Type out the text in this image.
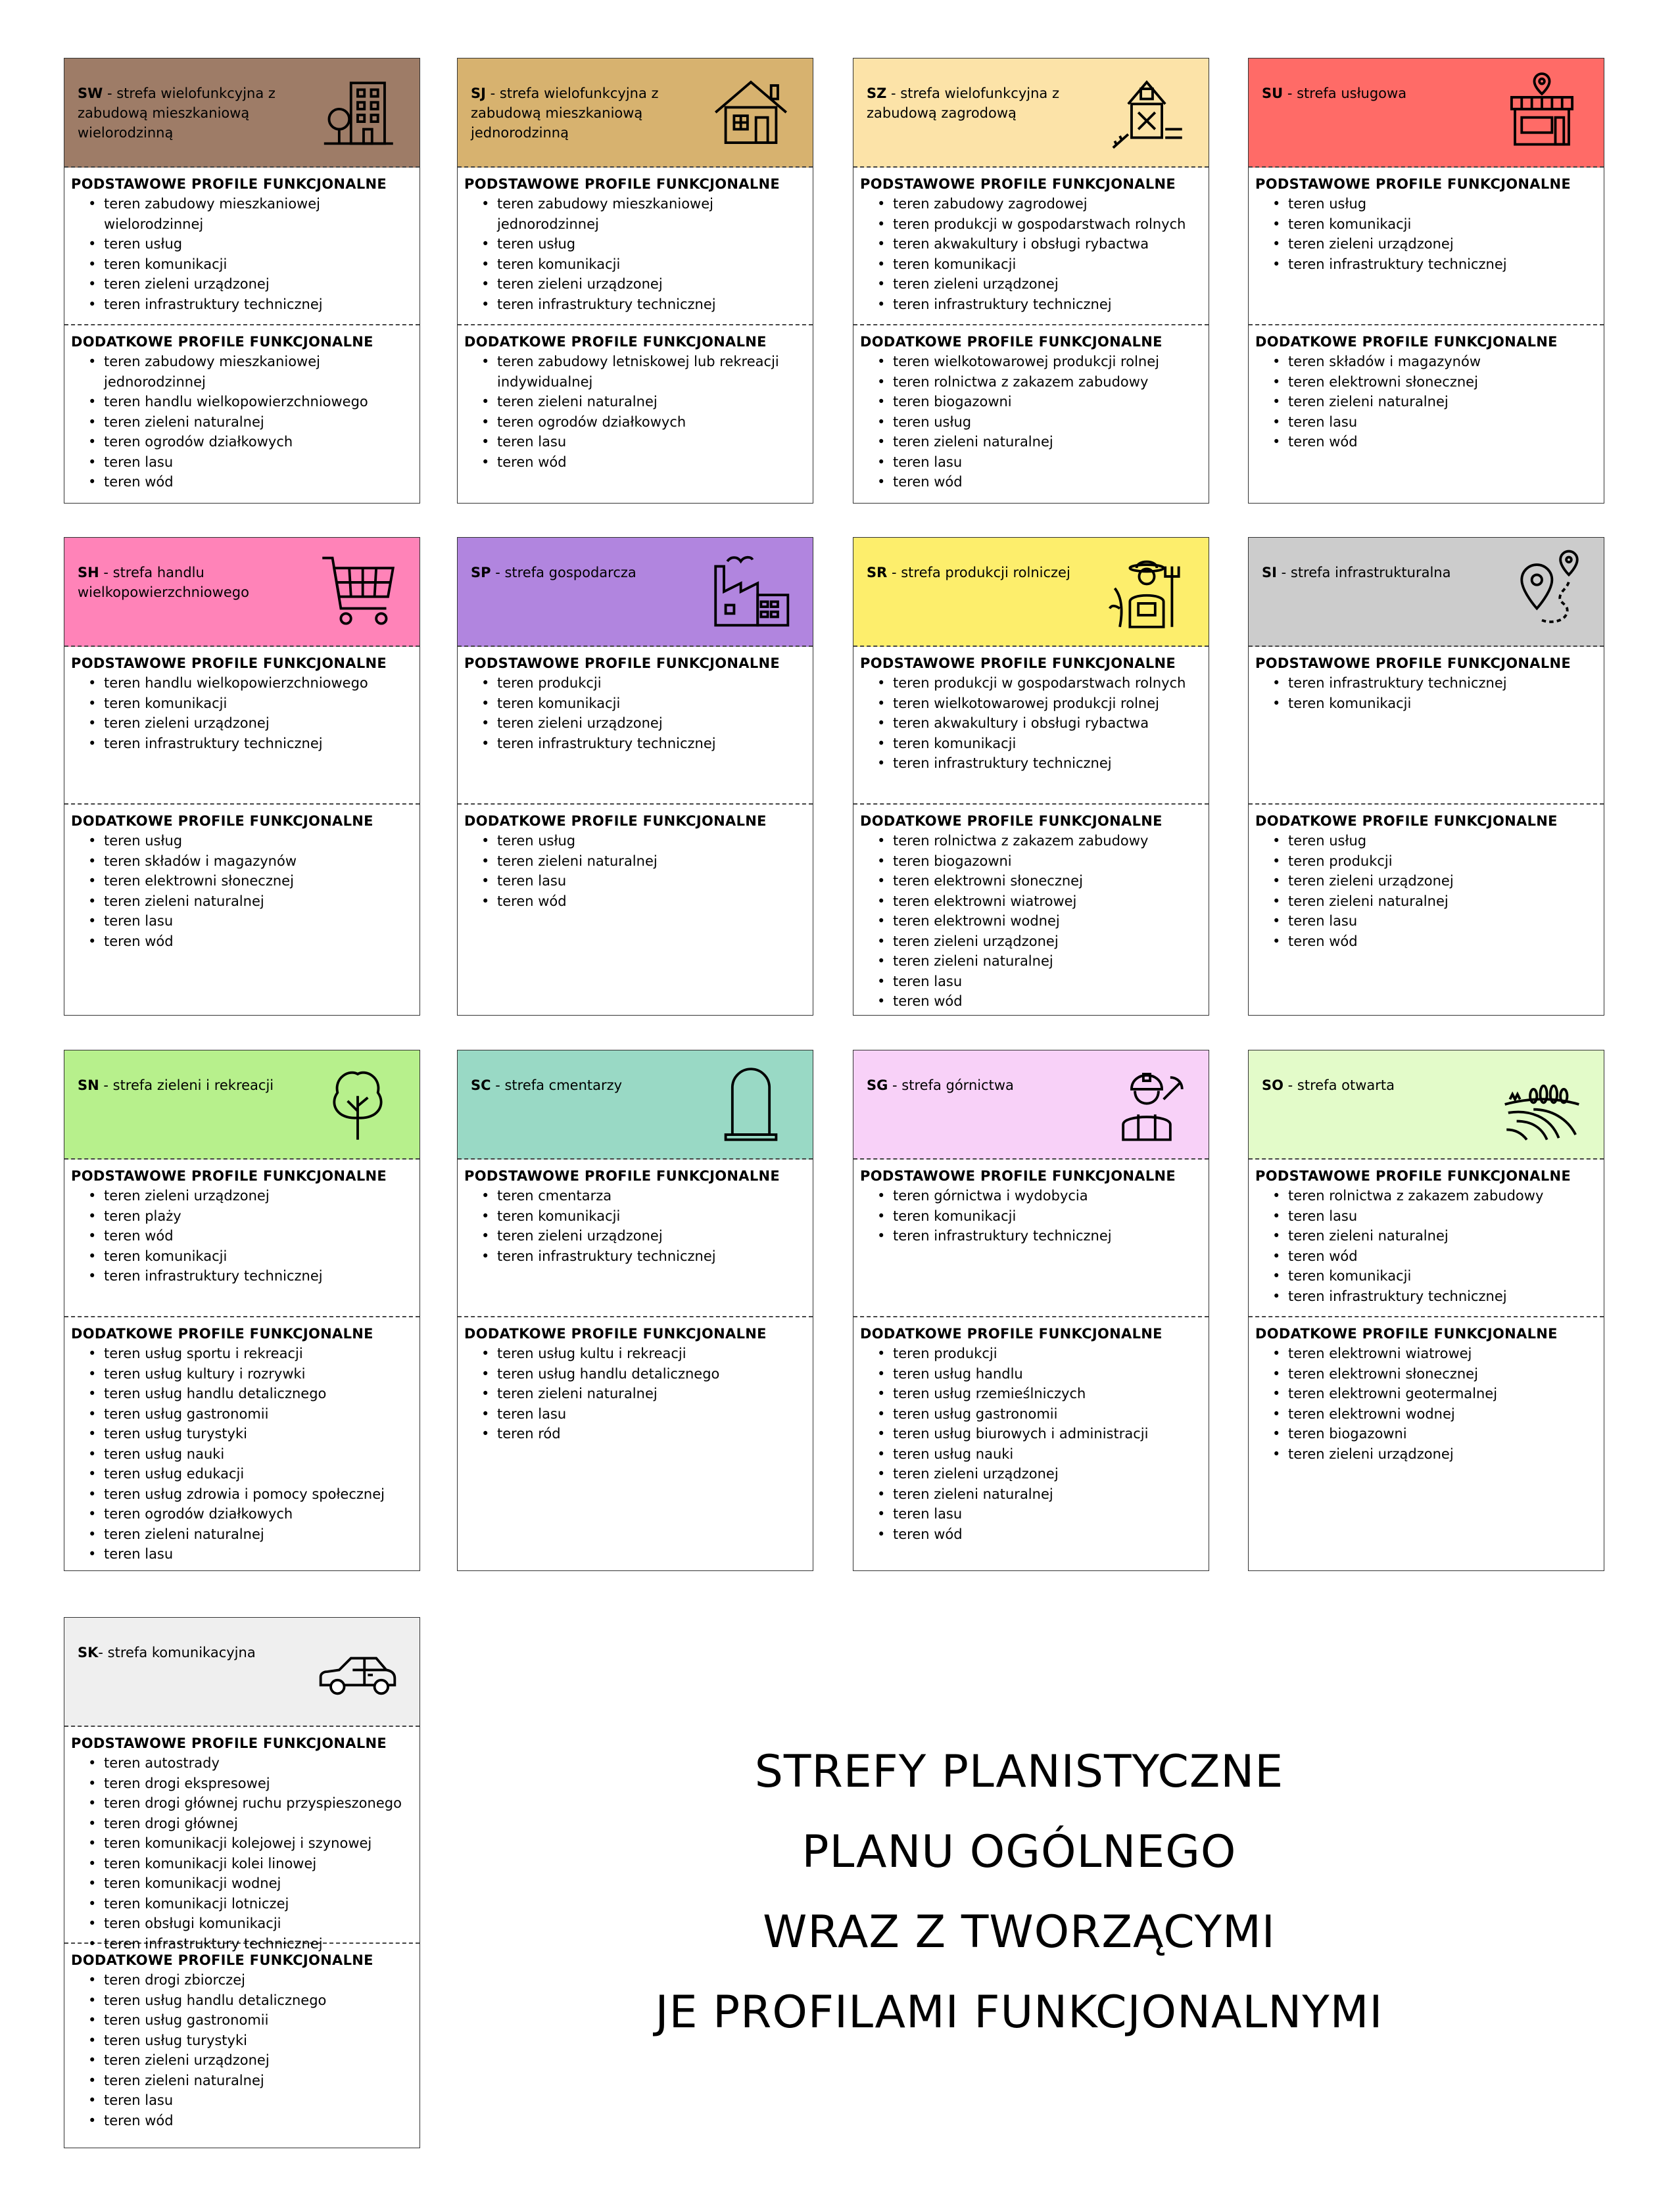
SW - strefa wielofunkcyjna z zabudową mieszkaniową wielorodzinną
PODSTAWOWE PROFILE FUNKCJONALNE
• teren zabudowy mieszkaniowej wielorodzinnej
• teren usług
• teren komunikacji
• teren zieleni urządzonej
• teren infrastruktury technicznej
DODATKOWE PROFILE FUNKCJONALNE
• teren zabudowy mieszkaniowej jednorodzinnej
• teren handlu wielkopowierzchniowego
• teren zieleni naturalnej
• teren ogrodów działkowych
• teren lasu
• teren wód
SJ - strefa wielofunkcyjna z zabudową mieszkaniową jednorodzinną
PODSTAWOWE PROFILE FUNKCJONALNE
• teren zabudowy mieszkaniowej jednorodzinnej
• teren usług
• teren komunikacji
• teren zieleni urządzonej
• teren infrastruktury technicznej
DODATKOWE PROFILE FUNKCJONALNE
• teren zabudowy letniskowej lub rekreacji indywidualnej
• teren zieleni naturalnej
• teren ogrodów działkowych
• teren lasu
• teren wód
SZ - strefa wielofunkcyjna z zabudową zagrodową
PODSTAWOWE PROFILE FUNKCJONALNE
• teren zabudowy zagrodowej
• teren produkcji w gospodarstwach rolnych
• teren akwakultury i obsługi rybactwa
• teren komunikacji
• teren zieleni urządzonej
• teren infrastruktury technicznej
DODATKOWE PROFILE FUNKCJONALNE
• teren wielkotowarowej produkcji rolnej
• teren rolnictwa z zakazem zabudowy
• teren biogazowni
• teren usług
• teren zieleni naturalnej
• teren lasu
• teren wód
SU - strefa usługowa
PODSTAWOWE PROFILE FUNKCJONALNE
• teren usług
• teren komunikacji
• teren zieleni urządzonej
• teren infrastruktury technicznej
DODATKOWE PROFILE FUNKCJONALNE
• teren składów i magazynów
• teren elektrowni słonecznej
• teren zieleni naturalnej
• teren lasu
• teren wód
SH - strefa handlu wielkopowierzchniowego
PODSTAWOWE PROFILE FUNKCJONALNE
• teren handlu wielkopowierzchniowego
• teren komunikacji
• teren zieleni urządzonej
• teren infrastruktury technicznej
DODATKOWE PROFILE FUNKCJONALNE
• teren usług
• teren składów i magazynów
• teren elektrowni słonecznej
• teren zieleni naturalnej
• teren lasu
• teren wód
SP - strefa gospodarcza
PODSTAWOWE PROFILE FUNKCJONALNE
• teren produkcji
• teren komunikacji
• teren zieleni urządzonej
• teren infrastruktury technicznej
DODATKOWE PROFILE FUNKCJONALNE
• teren usług
• teren zieleni naturalnej
• teren lasu
• teren wód
SR - strefa produkcji rolniczej
PODSTAWOWE PROFILE FUNKCJONALNE
• teren produkcji w gospodarstwach rolnych
• teren wielkotowarowej produkcji rolnej
• teren akwakultury i obsługi rybactwa
• teren komunikacji
• teren infrastruktury technicznej
DODATKOWE PROFILE FUNKCJONALNE
• teren rolnictwa z zakazem zabudowy
• teren biogazowni
• teren elektrowni słonecznej
• teren elektrowni wiatrowej
• teren elektrowni wodnej
• teren zieleni urządzonej
• teren zieleni naturalnej
• teren lasu
• teren wód
SI - strefa infrastrukturalna
PODSTAWOWE PROFILE FUNKCJONALNE
• teren infrastruktury technicznej
• teren komunikacji
DODATKOWE PROFILE FUNKCJONALNE
• teren usług
• teren produkcji
• teren zieleni urządzonej
• teren zieleni naturalnej
• teren lasu
• teren wód
SN - strefa zieleni i rekreacji
PODSTAWOWE PROFILE FUNKCJONALNE
• teren zieleni urządzonej
• teren plaży
• teren wód
• teren komunikacji
• teren infrastruktury technicznej
DODATKOWE PROFILE FUNKCJONALNE
• teren usług sportu i rekreacji
• teren usług kultury i rozrywki
• teren usług handlu detalicznego
• teren usług gastronomii
• teren usług turystyki
• teren usług nauki
• teren usług edukacji
• teren usług zdrowia i pomocy społecznej
• teren ogrodów działkowych
• teren zieleni naturalnej
• teren lasu
SC - strefa cmentarzy
PODSTAWOWE PROFILE FUNKCJONALNE
• teren cmentarza
• teren komunikacji
• teren zieleni urządzonej
• teren infrastruktury technicznej
DODATKOWE PROFILE FUNKCJONALNE
• teren usług kultu i rekreacji
• teren usług handlu detalicznego
• teren zieleni naturalnej
• teren lasu
• teren ród
SG - strefa górnictwa
PODSTAWOWE PROFILE FUNKCJONALNE
• teren górnictwa i wydobycia
• teren komunikacji
• teren infrastruktury technicznej
DODATKOWE PROFILE FUNKCJONALNE
• teren produkcji
• teren usług handlu
• teren usług rzemieślniczych
• teren usług gastronomii
• teren usług biurowych i administracji
• teren usług nauki
• teren zieleni urządzonej
• teren zieleni naturalnej
• teren lasu
• teren wód
SO - strefa otwarta
PODSTAWOWE PROFILE FUNKCJONALNE
• teren rolnictwa z zakazem zabudowy
• teren lasu
• teren zieleni naturalnej
• teren wód
• teren komunikacji
• teren infrastruktury technicznej
DODATKOWE PROFILE FUNKCJONALNE
• teren elektrowni wiatrowej
• teren elektrowni słonecznej
• teren elektrowni geotermalnej
• teren elektrowni wodnej
• teren biogazowni
• teren zieleni urządzonej
SK- strefa komunikacyjna
PODSTAWOWE PROFILE FUNKCJONALNE
• teren autostrady
• teren drogi ekspresowej
• teren drogi głównej ruchu przyspieszonego
• teren drogi głównej
• teren komunikacji kolejowej i szynowej
• teren komunikacji kolei linowej
• teren komunikacji wodnej
• teren komunikacji lotniczej
• teren obsługi komunikacji
• teren infrastruktury technicznej
DODATKOWE PROFILE FUNKCJONALNE
• teren drogi zbiorczej
• teren usług handlu detalicznego
• teren usług gastronomii
• teren usług turystyki
• teren zieleni urządzonej
• teren zieleni naturalnej
• teren lasu
• teren wód
STREFY PLANISTYCZNE
PLANU OGÓLNEGO
WRAZ Z TWORZĄCYMI
JE PROFILAMI FUNKCJONALNYMI
